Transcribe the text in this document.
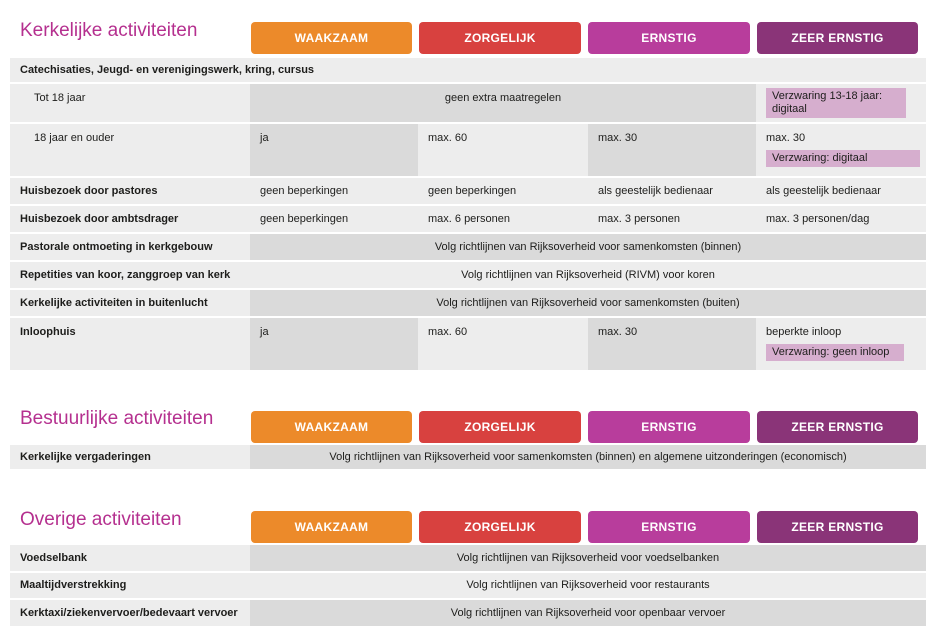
Kerkelijke activiteiten	WAAKZAAM	ZORGELIJK	ERNSTIG	ZEER ERNSTIG
Catechisaties, Jeugd- en verenigingswerk, kring, cursus
Tot 18 jaar	geen extra maatregelen	Verzwaring 13-18 jaar: digitaal
18 jaar en ouder	ja	max. 60	max. 30	max. 30
Verzwaring: digitaal
Huisbezoek door pastores	geen beperkingen	geen beperkingen	als geestelijk bedienaar	als geestelijk bedienaar
Huisbezoek door ambtsdrager	geen beperkingen	max. 6 personen	max. 3 personen	max. 3 personen/dag
Pastorale ontmoeting in kerkgebouw	Volg richtlijnen van Rijksoverheid voor samenkomsten (binnen)
Repetities van koor, zanggroep van kerk	Volg richtlijnen van Rijksoverheid (RIVM) voor koren
Kerkelijke activiteiten in buitenlucht	Volg richtlijnen van Rijksoverheid voor samenkomsten (buiten)
Inloophuis	ja	max. 60	max. 30	beperkte inloop
Verzwaring: geen inloop
Bestuurlijke activiteiten	WAAKZAAM	ZORGELIJK	ERNSTIG	ZEER ERNSTIG
Kerkelijke vergaderingen	Volg richtlijnen van Rijksoverheid voor samenkomsten (binnen) en algemene uitzonderingen (economisch)
Overige activiteiten	WAAKZAAM	ZORGELIJK	ERNSTIG	ZEER ERNSTIG
Voedselbank	Volg richtlijnen van Rijksoverheid voor voedselbanken
Maaltijdverstrekking	Volg richtlijnen van Rijksoverheid voor restaurants
Kerktaxi/ziekenvervoer/bedevaart vervoer	Volg richtlijnen van Rijksoverheid voor openbaar vervoer
